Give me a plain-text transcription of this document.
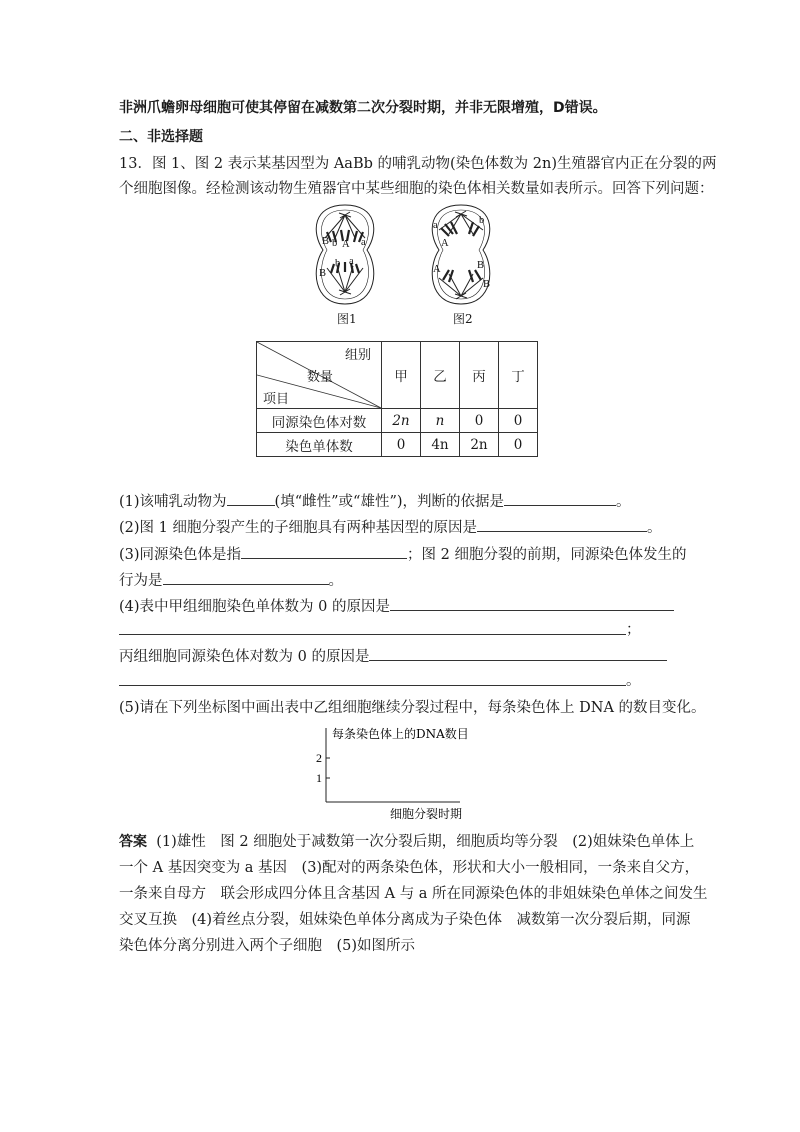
非洲爪蟾卵母细胞可使其停留在减数第二次分裂时期，并非无限增殖，D错误。
二、非选择题
13．图 1、图 2 表示某基因型为 AaBb 的哺乳动物(染色体数为 2n)生殖器官内正在分裂的两
个细胞图像。经检测该动物生殖器官中某些细胞的染色体相关数量如表所示。回答下列问题：
B b A a
B
b a
a	b
A
A	B
B
图1	图2
组别
数量
项目	甲	乙	丙	丁
同源染色体对数	2n	n	0	0
染色单体数	0	4n	2n	0
(1)该哺乳动物为	(填“雌性”或“雄性”)，判断的依据是	。
(2)图 1 细胞分裂产生的子细胞具有两种基因型的原因是	。
(3)同源染色体是指	；图 2 细胞分裂的前期，同源染色体发生的
行为是	。
(4)表中甲组细胞染色单体数为 0 的原因是
；
丙组细胞同源染色体对数为 0 的原因是
。
(5)请在下列坐标图中画出表中乙组细胞继续分裂过程中，每条染色体上 DNA 的数目变化。
2
1
每条染色体上的DNA数目
细胞分裂时期
答案 (1)雄性　图 2 细胞处于减数第一次分裂后期，细胞质均等分裂　(2)姐妹染色单体上
一个 A 基因突变为 a 基因　(3)配对的两条染色体，形状和大小一般相同，一条来自父方，
一条来自母方　联会形成四分体且含基因 A 与 a 所在同源染色体的非姐妹染色单体之间发生
交叉互换　(4)着丝点分裂，姐妹染色单体分离成为子染色体　减数第一次分裂后期，同源
染色体分离分别进入两个子细胞　(5)如图所示
